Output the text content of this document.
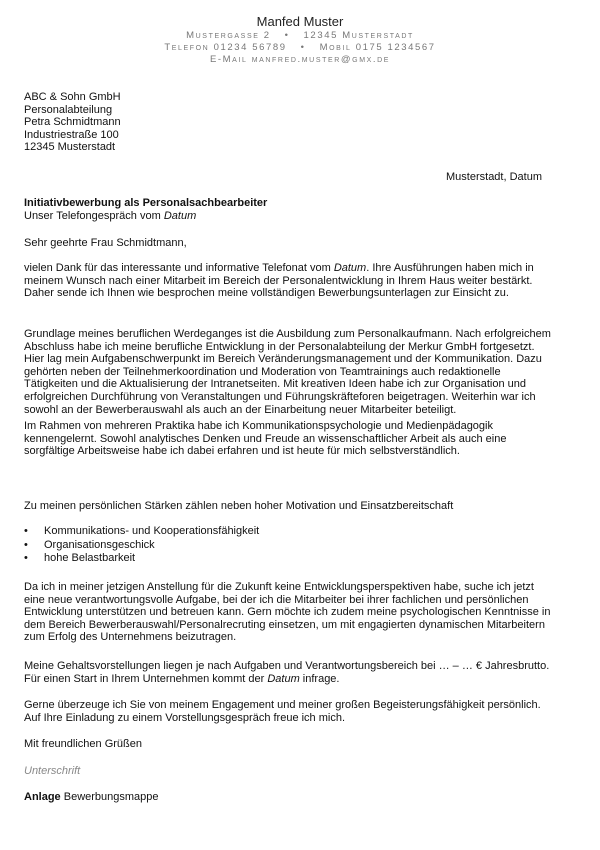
Manfed Muster
Mustergasse 2 • 12345 Musterstadt
Telefon 01234 56789 • Mobil 0175 1234567
E-Mail manfred.muster@gmx.de
ABC & Sohn GmbH
Personalabteilung
Petra Schmidtmann
Industriestraße 100
12345 Musterstadt
Musterstadt, Datum
Initiativbewerbung als Personalsachbearbeiter
Unser Telefongespräch vom Datum

Sehr geehrte Frau Schmidtmann,

vielen Dank für das interessante und informative Telefonat vom Datum. Ihre Ausführungen haben mich in meinem Wunsch nach einer Mitarbeit im Bereich der Personalentwicklung in Ihrem Haus weiter bestärkt. Daher sende ich Ihnen wie besprochen meine vollständigen Bewerbungsunterlagen zur Einsicht zu.

Grundlage meines beruflichen Werdeganges ist die Ausbildung zum Personalkaufmann. Nach erfolgreichem Abschluss habe ich meine berufliche Entwicklung in der Personalabteilung der Merkur GmbH fortgesetzt. Hier lag mein Aufgabenschwerpunkt im Bereich Veränderungsmanagement und der Kommunikation. Dazu gehörten neben der Teilnehmerkoordination und Moderation von Teamtrainings auch redaktionelle Tätigkeiten und die Aktualisierung der Intranetseiten. Mit kreativen Ideen habe ich zur Organisation und erfolgreichen Durchführung von Veranstaltungen und Führungskräfteforen beigetragen. Weiterhin war ich sowohl an der Bewerberauswahl als auch an der Einarbeitung neuer Mitarbeiter beteiligt.

Im Rahmen von mehreren Praktika habe ich Kommunikationspsychologie und Medienpädagogik kennengelernt. Sowohl analytisches Denken und Freude an wissenschaftlicher Arbeit als auch eine sorgfältige Arbeitsweise habe ich dabei erfahren und ist heute für mich selbstverständlich.

Zu meinen persönlichen Stärken zählen neben hoher Motivation und Einsatzbereitschaft

• Kommunikations- und Kooperationsfähigkeit
• Organisationsgeschick
• hohe Belastbarkeit

Da ich in meiner jetzigen Anstellung für die Zukunft keine Entwicklungsperspektiven habe, suche ich jetzt eine neue verantwortungsvolle Aufgabe, bei der ich die Mitarbeiter bei ihrer fachlichen und persönlichen Entwicklung unterstützen und betreuen kann. Gern möchte ich zudem meine psychologischen Kenntnisse in dem Bereich Bewerberauswahl/Personalrecruting einsetzen, um mit engagierten dynamischen Mitarbeitern zum Erfolg des Unternehmens beizutragen.

Meine Gehaltsvorstellungen liegen je nach Aufgaben und Verantwortungsbereich bei … – … € Jahresbrutto. Für einen Start in Ihrem Unternehmen kommt der Datum infrage.

Gerne überzeuge ich Sie von meinem Engagement und meiner großen Begeisterungsfähigkeit persönlich. Auf Ihre Einladung zu einem Vorstellungsgespräch freue ich mich.

Mit freundlichen Grüßen

Unterschrift

Anlage Bewerbungsmappe
